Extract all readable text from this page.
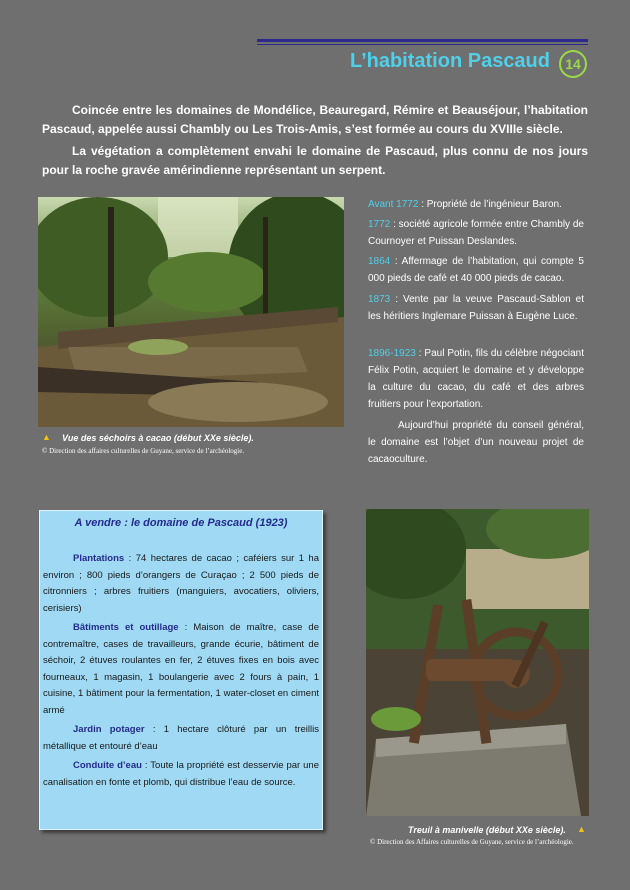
L’habitation Pascaud	14

Coincée entre les domaines de Mondélice, Beauregard, Rémire et Beauséjour, l’habitation Pascaud, appelée aussi Chambly ou Les Trois-Amis, s’est formée au cours du XVIIIe siècle.

La végétation a complètement envahi le domaine de Pascaud, plus connu de nos jours pour la roche gravée amérindienne représentant un serpent.

▲ Vue des séchoirs à cacao (début XXe siècle).
© Direction des affaires culturelles de Guyane, service de l’archéologie.

Avant 1772 : Propriété de l’ingénieur Baron.

1772 : société agricole formée entre Chambly de Cournoyer et Puissan Deslandes.

1864 : Affermage de l’habitation, qui compte 5 000 pieds de café et 40 000 pieds de cacao.

1873 : Vente par la veuve Pascaud-Sablon et les héritiers Inglemare Puissan à Eugène Luce.

1896-1923 : Paul Potin, fils du célèbre négociant Félix Potin, acquiert le domaine et y développe la culture du cacao, du café et des arbres fruitiers pour l’exportation.

Aujourd’hui propriété du conseil général, le domaine est l’objet d’un nouveau projet de cacaoculture.

A vendre : le domaine de Pascaud (1923)

Plantations : 74 hectares de cacao ; caféiers sur 1 ha environ ; 800 pieds d’orangers de Curaçao ; 2 500 pieds de citronniers ; arbres fruitiers (manguiers, avocatiers, oliviers, cerisiers)

Bâtiments et outillage : Maison de maître, case de contremaître, cases de travailleurs, grande écurie, bâtiment de séchoir, 2 étuves roulantes en fer, 2 étuves fixes en bois avec fourneaux, 1 magasin, 1 boulangerie avec 2 fours à pain, 1 cuisine, 1 bâtiment pour la fermentation, 1 water-closet en ciment armé

Jardin potager : 1 hectare clôturé par un treillis métallique et entouré d’eau

Conduite d’eau : Toute la propriété est desservie par une canalisation en fonte et plomb, qui distribue l’eau de source.

Treuil à manivelle (début XXe siècle). ▲
© Direction des Affaires culturelles de Guyane, service de l’archéologie.
